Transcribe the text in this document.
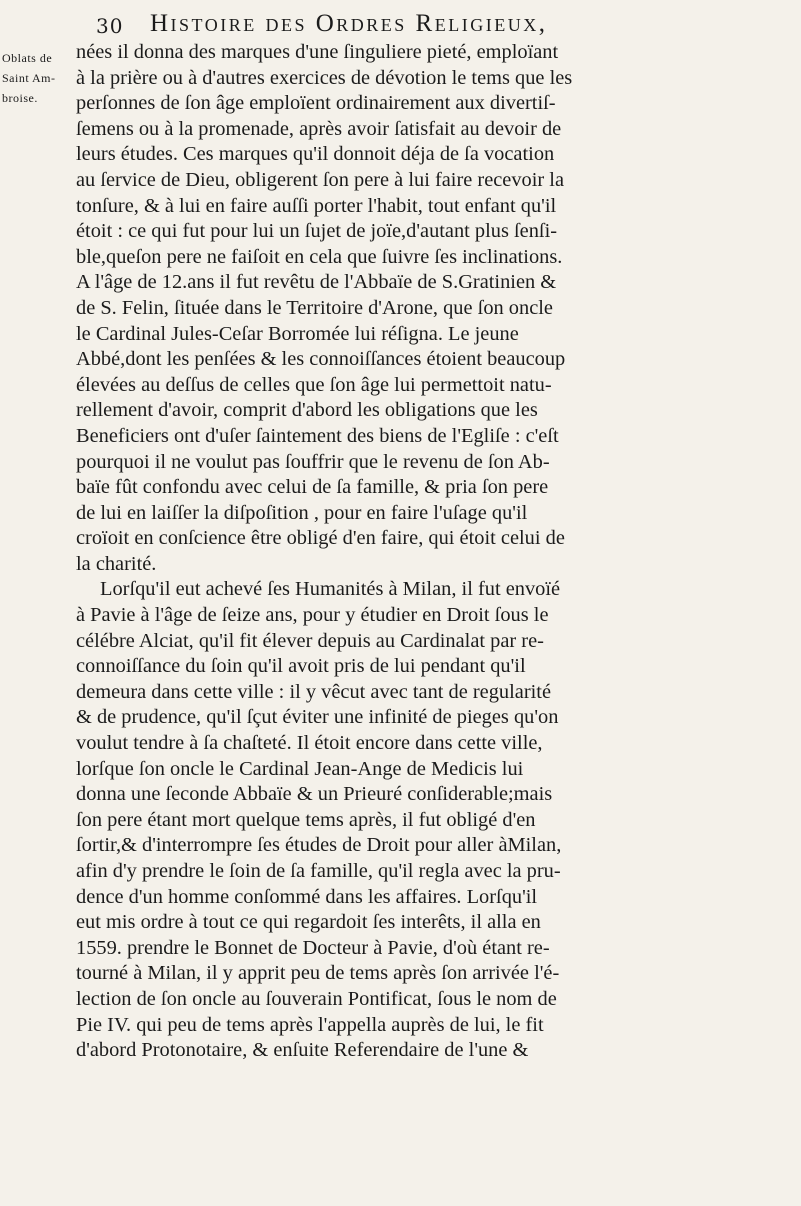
30 Histoire des Ordres Religieux,
Oblats de
Saint Am-
broise.
nées il donna des marques d'une ſinguliere pieté, emploïant
à la prière ou à d'autres exercices de dévotion le tems que les
perſonnes de ſon âge emploïent ordinairement aux divertiſ-
ſemens ou à la promenade, après avoir ſatisfait au devoir de
leurs études. Ces marques qu'il donnoit déja de ſa vocation
au ſervice de Dieu, obligerent ſon pere à lui faire recevoir la
tonſure, & à lui en faire auſſi porter l'habit, tout enfant qu'il
étoit : ce qui fut pour lui un ſujet de joïe,d'autant plus ſenſi-
ble,queſon pere ne faiſoit en cela que ſuivre ſes inclinations.
A l'âge de 12.ans il fut revêtu de l'Abbaïe de S.Gratinien &
de S. Felin, ſituée dans le Territoire d'Arone, que ſon oncle
le Cardinal Jules-Ceſar Borromée lui réſigna. Le jeune
Abbé,dont les penſées & les connoiſſances étoient beaucoup
élevées au deſſus de celles que ſon âge lui permettoit natu-
rellement d'avoir, comprit d'abord les obligations que les
Beneficiers ont d'uſer ſaintement des biens de l'Egliſe : c'eſt
pourquoi il ne voulut pas ſouffrir que le revenu de ſon Ab-
baïe fût confondu avec celui de ſa famille, & pria ſon pere
de lui en laiſſer la diſpoſition , pour en faire l'uſage qu'il
croïoit en conſcience être obligé d'en faire, qui étoit celui de
la charité.
Lorſqu'il eut achevé ſes Humanités à Milan, il fut envoïé
à Pavie à l'âge de ſeize ans, pour y étudier en Droit ſous le
célébre Alciat, qu'il fit élever depuis au Cardinalat par re-
connoiſſance du ſoin qu'il avoit pris de lui pendant qu'il
demeura dans cette ville : il y vêcut avec tant de regularité
& de prudence, qu'il ſçut éviter une infinité de pieges qu'on
voulut tendre à ſa chaſteté. Il étoit encore dans cette ville,
lorſque ſon oncle le Cardinal Jean-Ange de Medicis lui
donna une ſeconde Abbaïe & un Prieuré conſiderable;mais
ſon pere étant mort quelque tems après, il fut obligé d'en
ſortir,& d'interrompre ſes études de Droit pour aller àMilan,
afin d'y prendre le ſoin de ſa famille, qu'il regla avec la pru-
dence d'un homme conſommé dans les affaires. Lorſqu'il
eut mis ordre à tout ce qui regardoit ſes interêts, il alla en
1559. prendre le Bonnet de Docteur à Pavie, d'où étant re-
tourné à Milan, il y apprit peu de tems après ſon arrivée l'é-
lection de ſon oncle au ſouverain Pontificat, ſous le nom de
Pie IV. qui peu de tems après l'appella auprès de lui, le fit
d'abord Protonotaire, & enſuite Referendaire de l'une &
